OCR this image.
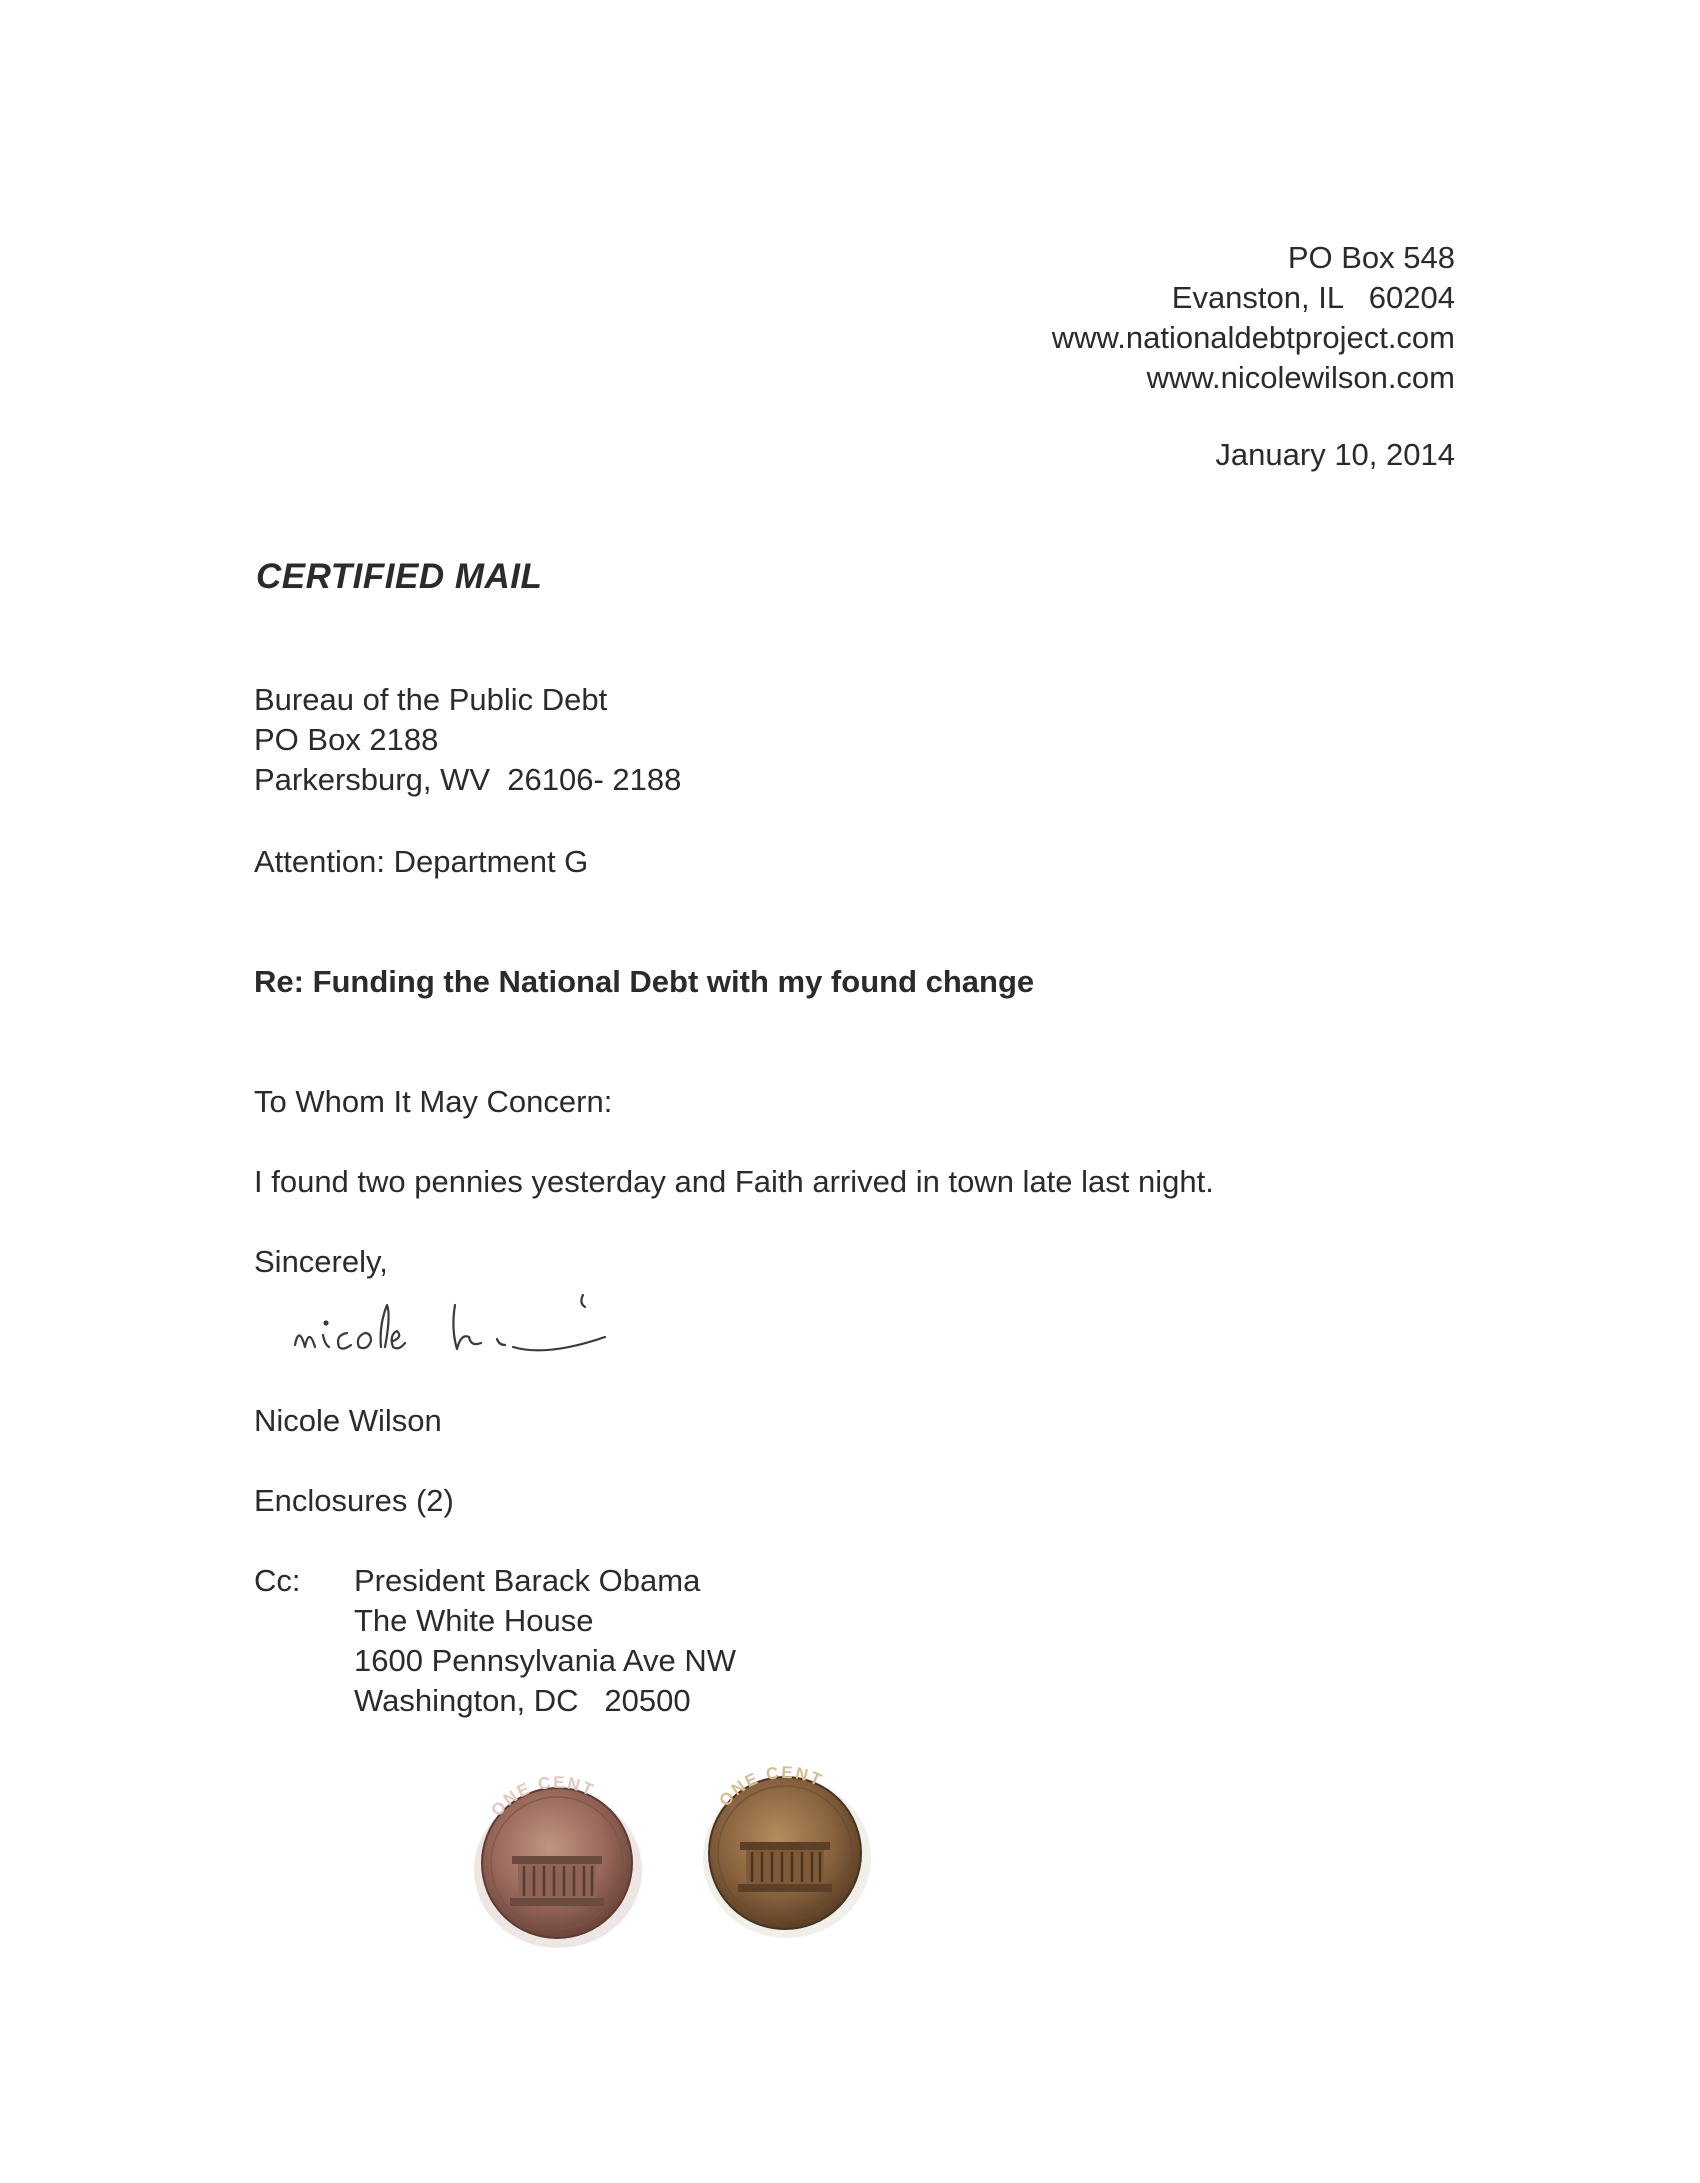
PO Box 548
Evanston, IL   60204
www.nationaldebtproject.com
www.nicolewilson.com
January 10, 2014
CERTIFIED MAIL
Bureau of the Public Debt
PO Box 2188
Parkersburg, WV  26106- 2188
Attention: Department G
Re: Funding the National Debt with my found change
To Whom It May Concern:
I found two pennies yesterday and Faith arrived in town late last night.
Sincerely,
Nicole Wilson
Enclosures (2)
Cc: President Barack Obama
The White House
1600 Pennsylvania Ave NW
Washington, DC   20500
ONE CENT	ONE CENT
